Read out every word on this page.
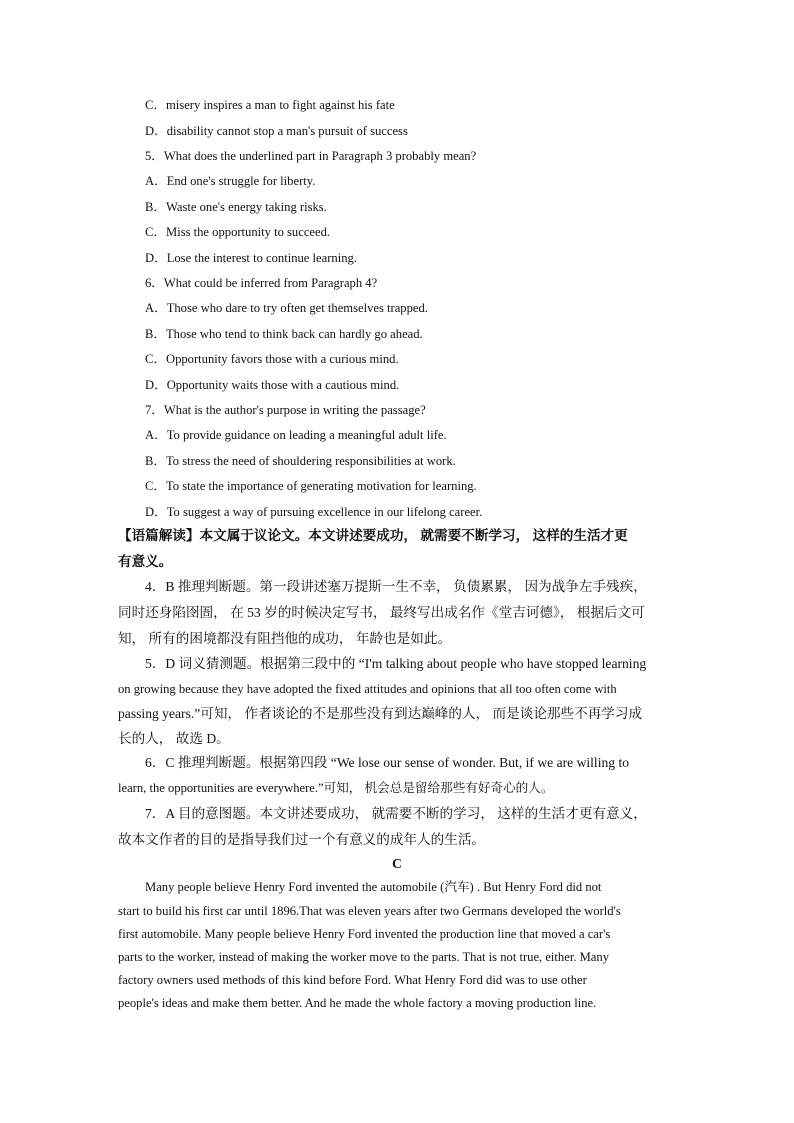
C．misery inspires a man to fight against his fate
D．disability cannot stop a man's pursuit of success
5．What does the underlined part in Paragraph 3 probably mean?
A．End one's struggle for liberty.
B．Waste one's energy taking risks.
C．Miss the opportunity to succeed.
D．Lose the interest to continue learning.
6．What could be inferred from Paragraph 4?
A．Those who dare to try often get themselves trapped.
B．Those who tend to think back can hardly go ahead.
C．Opportunity favors those with a curious mind.
D．Opportunity waits those with a cautious mind.
7．What is the author's purpose in writing the passage?
A．To provide guidance on leading a meaningful adult life.
B．To stress the need of shouldering responsibilities at work.
C．To state the importance of generating motivation for learning.
D．To suggest a way of pursuing excellence in our lifelong career.
【语篇解读】本文属于议论文。本文讲述要成功， 就需要不断学习， 这样的生活才更
有意义。
4．B 推理判断题。第一段讲述塞万提斯一生不幸， 负债累累， 因为战争左手残疾，
同时还身陷囹圄， 在 53 岁的时候决定写书， 最终写出成名作《堂吉诃德》， 根据后文可
知， 所有的困境都没有阻挡他的成功， 年龄也是如此。
5．D 词义猜测题。根据第三段中的 “I'm talking about people who have stopped learning
on growing because they have adopted the fixed attitudes and opinions that all too often come with
passing years.”可知， 作者谈论的不是那些没有到达巅峰的人， 而是谈论那些不再学习成
长的人， 故选 D。
6．C 推理判断题。根据第四段 “We lose our sense of wonder. But, if we are willing to
learn, the opportunities are everywhere.”可知， 机会总是留给那些有好奇心的人。
7．A 目的意图题。本文讲述要成功， 就需要不断的学习， 这样的生活才更有意义，
故本文作者的目的是指导我们过一个有意义的成年人的生活。
C
Many people believe Henry Ford invented the automobile (汽车) . But Henry Ford did not
start to build his first car until 1896.That was eleven years after two Germans developed the world's
first automobile. Many people believe Henry Ford invented the production line that moved a car's
parts to the worker, instead of making the worker move to the parts. That is not true, either. Many
factory owners used methods of this kind before Ford. What Henry Ford did was to use other
people's ideas and make them better. And he made the whole factory a moving production line.
